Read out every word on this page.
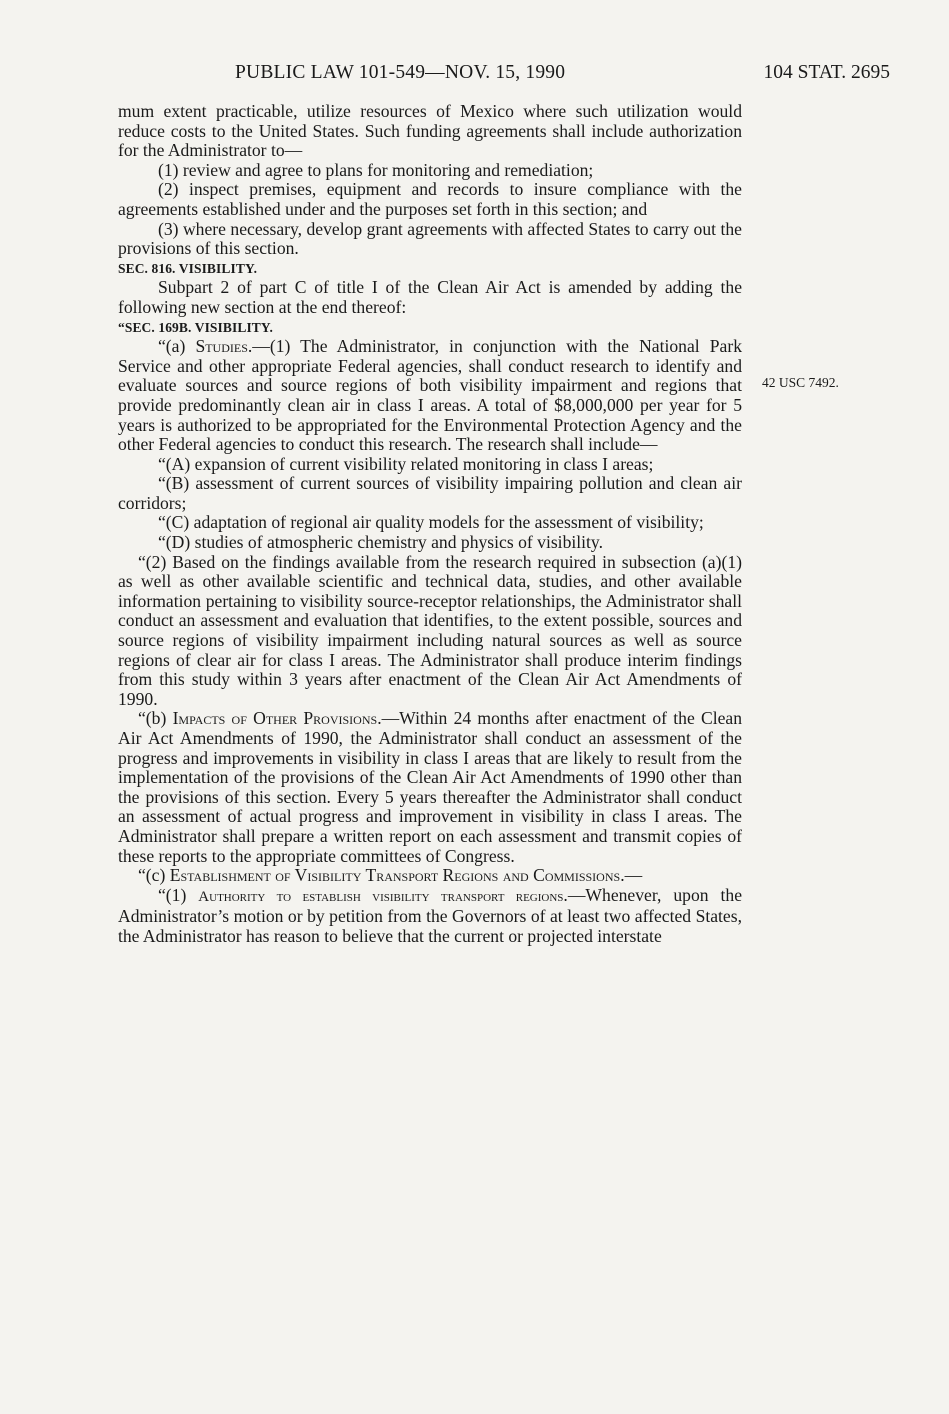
PUBLIC LAW 101-549—NOV. 15, 1990	104 STAT. 2695
42 USC 7492.

mum extent practicable, utilize resources of Mexico where such utilization would reduce costs to the United States. Such funding agreements shall include authorization for the Administrator to—

(1) review and agree to plans for monitoring and remediation;

(2) inspect premises, equipment and records to insure compliance with the agreements established under and the purposes set forth in this section; and

(3) where necessary, develop grant agreements with affected States to carry out the provisions of this section.

SEC. 816. VISIBILITY.

Subpart 2 of part C of title I of the Clean Air Act is amended by adding the following new section at the end thereof:

“SEC. 169B. VISIBILITY.

“(a) Studies.—(1) The Administrator, in conjunction with the National Park Service and other appropriate Federal agencies, shall conduct research to identify and evaluate sources and source regions of both visibility impairment and regions that provide predominantly clean air in class I areas. A total of $8,000,000 per year for 5 years is authorized to be appropriated for the Environmental Protection Agency and the other Federal agencies to conduct this research. The research shall include—

“(A) expansion of current visibility related monitoring in class I areas;

“(B) assessment of current sources of visibility impairing pollution and clean air corridors;

“(C) adaptation of regional air quality models for the assessment of visibility;

“(D) studies of atmospheric chemistry and physics of visibility.

“(2) Based on the findings available from the research required in subsection (a)(1) as well as other available scientific and technical data, studies, and other available information pertaining to visibility source-receptor relationships, the Administrator shall conduct an assessment and evaluation that identifies, to the extent possible, sources and source regions of visibility impairment including natural sources as well as source regions of clear air for class I areas. The Administrator shall produce interim findings from this study within 3 years after enactment of the Clean Air Act Amendments of 1990.

“(b) Impacts of Other Provisions.—Within 24 months after enactment of the Clean Air Act Amendments of 1990, the Administrator shall conduct an assessment of the progress and improvements in visibility in class I areas that are likely to result from the implementation of the provisions of the Clean Air Act Amendments of 1990 other than the provisions of this section. Every 5 years thereafter the Administrator shall conduct an assessment of actual progress and improvement in visibility in class I areas. The Administrator shall prepare a written report on each assessment and transmit copies of these reports to the appropriate committees of Congress.

“(c) Establishment of Visibility Transport Regions and Commissions.—

“(1) Authority to establish visibility transport regions.—Whenever, upon the Administrator’s motion or by petition from the Governors of at least two affected States, the Administrator has reason to believe that the current or projected interstate
